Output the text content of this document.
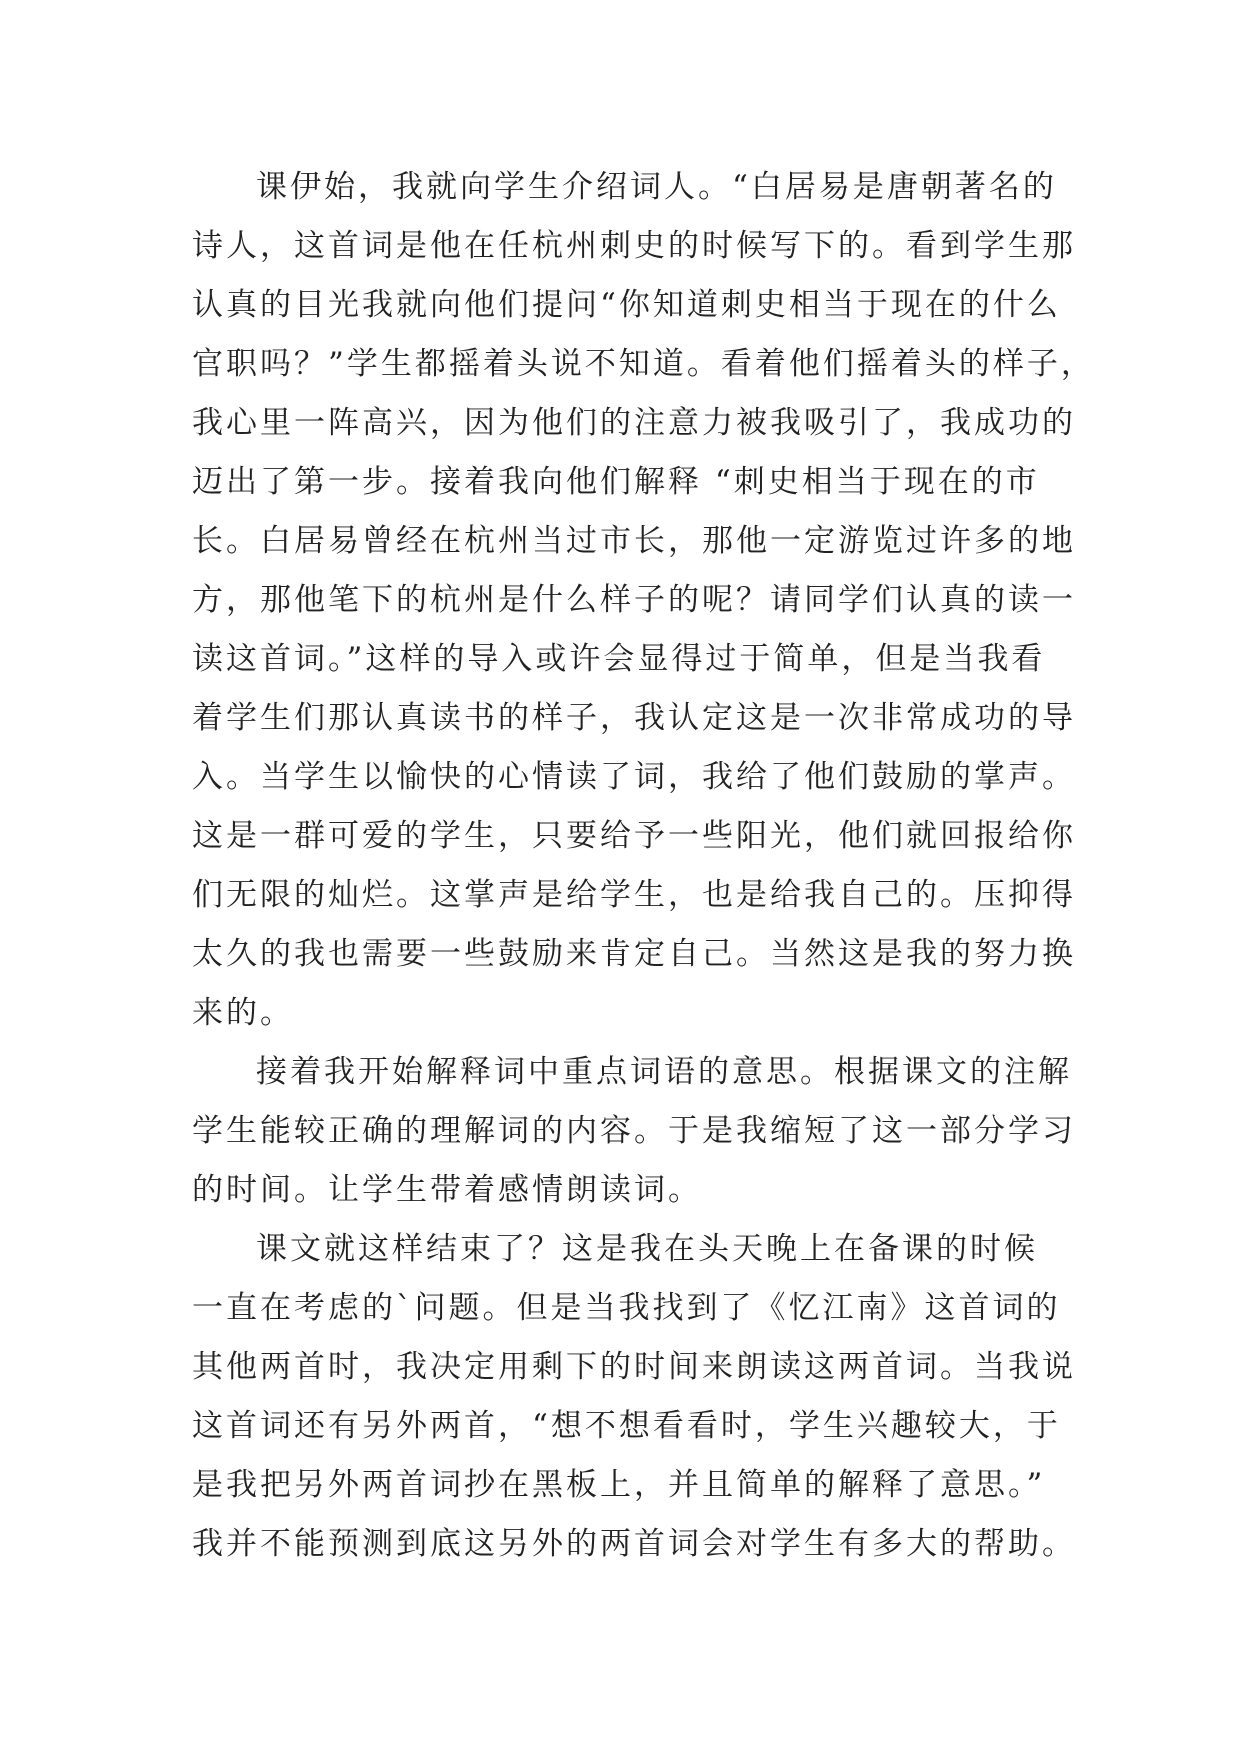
课伊始，我就向学生介绍词人。“白居易是唐朝著名的
诗人，这首词是他在任杭州刺史的时候写下的。看到学生那
认真的目光我就向他们提问“你知道刺史相当于现在的什么
官职吗？”学生都摇着头说不知道。看着他们摇着头的样子，
我心里一阵高兴，因为他们的注意力被我吸引了，我成功的
迈出了第一步。接着我向他们解释 “刺史相当于现在的市
长。白居易曾经在杭州当过市长，那他一定游览过许多的地
方，那他笔下的杭州是什么样子的呢？请同学们认真的读一
读这首词。”这样的导入或许会显得过于简单，但是当我看
着学生们那认真读书的样子，我认定这是一次非常成功的导
入。当学生以愉快的心情读了词，我给了他们鼓励的掌声。
这是一群可爱的学生，只要给予一些阳光，他们就回报给你
们无限的灿烂。这掌声是给学生，也是给我自己的。压抑得
太久的我也需要一些鼓励来肯定自己。当然这是我的努力换
来的。
接着我开始解释词中重点词语的意思。根据课文的注解
学生能较正确的理解词的内容。于是我缩短了这一部分学习
的时间。让学生带着感情朗读词。
课文就这样结束了？这是我在头天晚上在备课的时候
一直在考虑的`问题。但是当我找到了《忆江南》这首词的
其他两首时，我决定用剩下的时间来朗读这两首词。当我说
这首词还有另外两首，“想不想看看时，学生兴趣较大，于
是我把另外两首词抄在黑板上，并且简单的解释了意思。”
我并不能预测到底这另外的两首词会对学生有多大的帮助。
